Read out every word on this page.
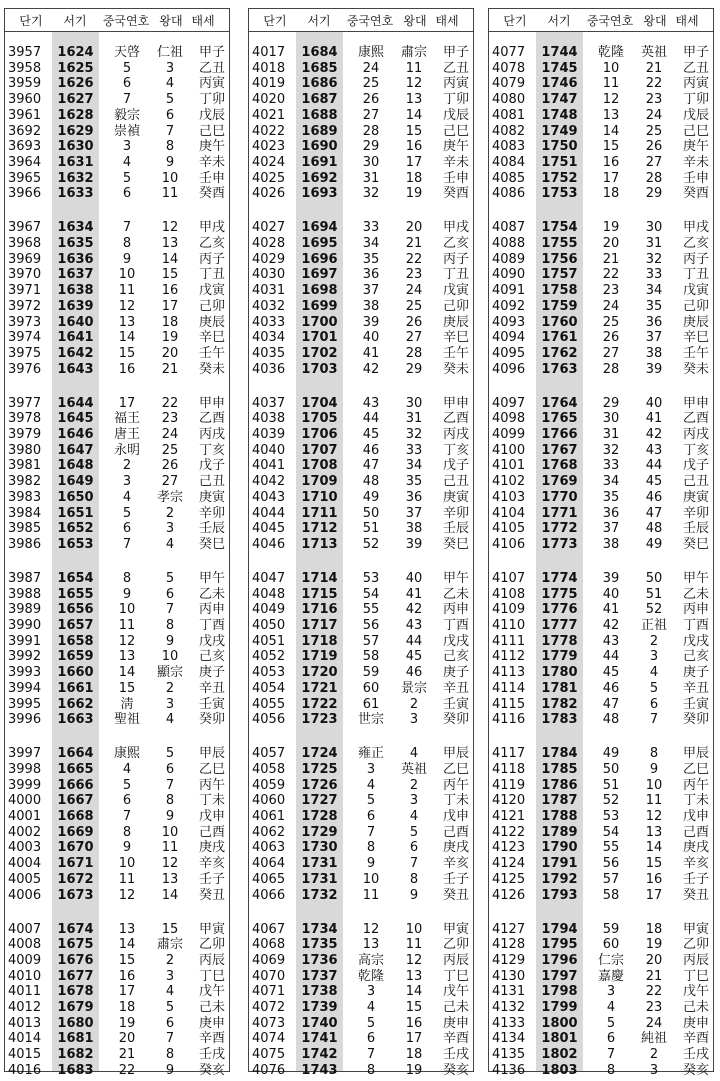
단기	서기	중국연호 왕대 태세
3957	1624	天啓	仁祖	甲子
3958	1625	5	3	乙丑
3959	1626	6	4	丙寅
3960	1627	7	5	丁卯
3961	1628	毅宗	6	戊辰
3692	1629	崇禎	7	己巳
3693	1630	3	8	庚午
3964	1631	4	9	辛未
3965	1632	5	10	壬申
3966	1633	6	11	癸酉
3967	1634	7	12	甲戌
3968	1635	8	13	乙亥
3969	1636	9	14	丙子
3970	1637	10	15	丁丑
3971	1638	11	16	戊寅
3972	1639	12	17	己卯
3973	1640	13	18	庚辰
3974	1641	14	19	辛巳
3975	1642	15	20	壬午
3976	1643	16	21	癸未
3977	1644	17	22	甲申
3978	1645	福王	23	乙酉
3979	1646	唐王	24	丙戌
3980	1647	永明	25	丁亥
3981	1648	2	26	戊子
3982	1649	3	27	己丑
3983	1650	4	孝宗	庚寅
3984	1651	5	2	辛卯
3985	1652	6	3	壬辰
3986	1653	7	4	癸巳
3987	1654	8	5	甲午
3988	1655	9	6	乙未
3989	1656	10	7	丙申
3990	1657	11	8	丁酉
3991	1658	12	9	戊戌
3992	1659	13	10	己亥
3993	1660	14	顯宗	庚子
3994	1661	15	2	辛丑
3995	1662	淸	3	壬寅
3996	1663	聖祖	4	癸卯
3997	1664	康熙	5	甲辰
3998	1665	4	6	乙巳
3999	1666	5	7	丙午
4000	1667	6	8	丁未
4001	1668	7	9	戊申
4002	1669	8	10	己酉
4003	1670	9	11	庚戌
4004	1671	10	12	辛亥
4005	1672	11	13	壬子
4006	1673	12	14	癸丑
4007	1674	13	15	甲寅
4008	1675	14	肅宗	乙卯
4009	1676	15	2	丙辰
4010	1677	16	3	丁巳
4011	1678	17	4	戊午
4012	1679	18	5	己未
4013	1680	19	6	庚申
4014	1681	20	7	辛酉
4015	1682	21	8	壬戌
4016	1683	22	9	癸亥
단기	서기	중국연호 왕대 태세
4017	1684	康熙	肅宗	甲子
4018	1685	24	11	乙丑
4019	1686	25	12	丙寅
4020	1687	26	13	丁卯
4021	1688	27	14	戊辰
4022	1689	28	15	己巳
4023	1690	29	16	庚午
4024	1691	30	17	辛未
4025	1692	31	18	壬申
4026	1693	32	19	癸酉
4027	1694	33	20	甲戌
4028	1695	34	21	乙亥
4029	1696	35	22	丙子
4030	1697	36	23	丁丑
4031	1698	37	24	戊寅
4032	1699	38	25	己卯
4033	1700	39	26	庚辰
4034	1701	40	27	辛巳
4035	1702	41	28	壬午
4036	1703	42	29	癸未
4037	1704	43	30	甲申
4038	1705	44	31	乙酉
4039	1706	45	32	丙戌
4040	1707	46	33	丁亥
4041	1708	47	34	戊子
4042	1709	48	35	己丑
4043	1710	49	36	庚寅
4044	1711	50	37	辛卯
4045	1712	51	38	壬辰
4046	1713	52	39	癸巳
4047	1714	53	40	甲午
4048	1715	54	41	乙未
4049	1716	55	42	丙申
4050	1717	56	43	丁酉
4051	1718	57	44	戊戌
4052	1719	58	45	己亥
4053	1720	59	46	庚子
4054	1721	60	景宗	辛丑
4055	1722	61	2	壬寅
4056	1723	世宗	3	癸卯
4057	1724	雍正	4	甲辰
4058	1725	3	英祖	乙巳
4059	1726	4	2	丙午
4060	1727	5	3	丁未
4061	1728	6	4	戊申
4062	1729	7	5	己酉
4063	1730	8	6	庚戌
4064	1731	9	7	辛亥
4065	1731	10	8	壬子
4066	1732	11	9	癸丑
4067	1734	12	10	甲寅
4068	1735	13	11	乙卯
4069	1736	高宗	12	丙辰
4070	1737	乾隆	13	丁巳
4071	1738	3	14	戊午
4072	1739	4	15	己未
4073	1740	5	16	庚申
4074	1741	6	17	辛酉
4075	1742	7	18	壬戌
4076	1743	8	19	癸亥
단기	서기	중국연호 왕대 태세
4077	1744	乾隆	英祖	甲子
4078	1745	10	21	乙丑
4079	1746	11	22	丙寅
4080	1747	12	23	丁卯
4081	1748	13	24	戊辰
4082	1749	14	25	己巳
4083	1750	15	26	庚午
4084	1751	16	27	辛未
4085	1752	17	28	壬申
4086	1753	18	29	癸酉
4087	1754	19	30	甲戌
4088	1755	20	31	乙亥
4089	1756	21	32	丙子
4090	1757	22	33	丁丑
4091	1758	23	34	戊寅
4092	1759	24	35	己卯
4093	1760	25	36	庚辰
4094	1761	26	37	辛巳
4095	1762	27	38	壬午
4096	1763	28	39	癸未
4097	1764	29	40	甲申
4098	1765	30	41	乙酉
4099	1766	31	42	丙戌
4100	1767	32	43	丁亥
4101	1768	33	44	戊子
4102	1769	34	45	己丑
4103	1770	35	46	庚寅
4104	1771	36	47	辛卯
4105	1772	37	48	壬辰
4106	1773	38	49	癸巳
4107	1774	39	50	甲午
4108	1775	40	51	乙未
4109	1776	41	52	丙申
4110	1777	42	正祖	丁酉
4111	1778	43	2	戊戌
4112	1779	44	3	己亥
4113	1780	45	4	庚子
4114	1781	46	5	辛丑
4115	1782	47	6	壬寅
4116	1783	48	7	癸卯
4117	1784	49	8	甲辰
4118	1785	50	9	乙巳
4119	1786	51	10	丙午
4120	1787	52	11	丁未
4121	1788	53	12	戊申
4122	1789	54	13	己酉
4123	1790	55	14	庚戌
4124	1791	56	15	辛亥
4125	1792	57	16	壬子
4126	1793	58	17	癸丑
4127	1794	59	18	甲寅
4128	1795	60	19	乙卯
4129	1796	仁宗	20	丙辰
4130	1797	嘉慶	21	丁巳
4131	1798	3	22	戊午
4132	1799	4	23	己未
4133	1800	5	24	庚申
4134	1801	6	純祖	辛酉
4135	1802	7	2	壬戌
4136	1803	8	3	癸亥
